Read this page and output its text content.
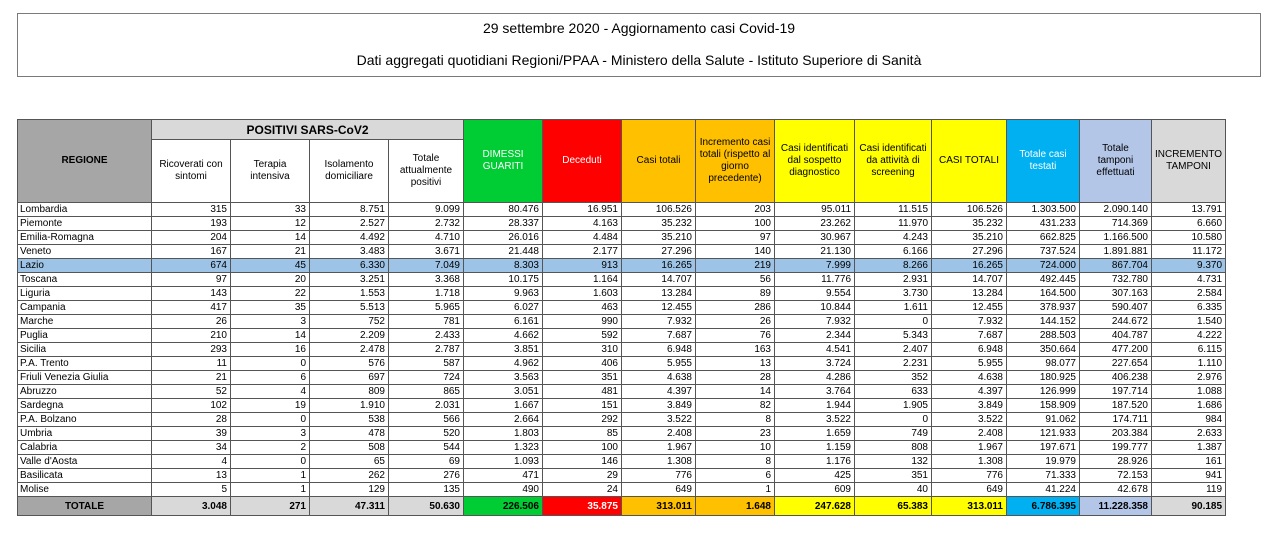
29 settembre 2020 - Aggiornamento casi Covid-19
Dati aggregati quotidiani Regioni/PPAA - Ministero della Salute - Istituto Superiore di Sanità
REGIONE	POSITIVI SARS-CoV2				DIMESSI GUARITI	Deceduti	Casi totali	Incremento casi totali (rispetto al giorno precedente)	Casi identificati dal sospetto diagnostico	Casi identificati da attività di screening	CASI TOTALI	Totale casi testati	Totale tamponi effettuati	INCREMENTO TAMPONI
	Ricoverati con sintomi	Terapia intensiva	Isolamento domiciliare	Totale attualmente positivi										
Lombardia	315	33	8.751	9.099	80.476	16.951	106.526	203	95.011	11.515	106.526	1.303.500	2.090.140	13.791
Piemonte	193	12	2.527	2.732	28.337	4.163	35.232	100	23.262	11.970	35.232	431.233	714.369	6.660
Emilia-Romagna	204	14	4.492	4.710	26.016	4.484	35.210	97	30.967	4.243	35.210	662.825	1.166.500	10.580
Veneto	167	21	3.483	3.671	21.448	2.177	27.296	140	21.130	6.166	27.296	737.524	1.891.881	11.172
Lazio	674	45	6.330	7.049	8.303	913	16.265	219	7.999	8.266	16.265	724.000	867.704	9.370
Toscana	97	20	3.251	3.368	10.175	1.164	14.707	56	11.776	2.931	14.707	492.445	732.780	4.731
Liguria	143	22	1.553	1.718	9.963	1.603	13.284	89	9.554	3.730	13.284	164.500	307.163	2.584
Campania	417	35	5.513	5.965	6.027	463	12.455	286	10.844	1.611	12.455	378.937	590.407	6.335
Marche	26	3	752	781	6.161	990	7.932	26	7.932	0	7.932	144.152	244.672	1.540
Puglia	210	14	2.209	2.433	4.662	592	7.687	76	2.344	5.343	7.687	288.503	404.787	4.222
Sicilia	293	16	2.478	2.787	3.851	310	6.948	163	4.541	2.407	6.948	350.664	477.200	6.115
P.A. Trento	11	0	576	587	4.962	406	5.955	13	3.724	2.231	5.955	98.077	227.654	1.110
Friuli Venezia Giulia	21	6	697	724	3.563	351	4.638	28	4.286	352	4.638	180.925	406.238	2.976
Abruzzo	52	4	809	865	3.051	481	4.397	14	3.764	633	4.397	126.999	197.714	1.088
Sardegna	102	19	1.910	2.031	1.667	151	3.849	82	1.944	1.905	3.849	158.909	187.520	1.686
P.A. Bolzano	28	0	538	566	2.664	292	3.522	8	3.522	0	3.522	91.062	174.711	984
Umbria	39	3	478	520	1.803	85	2.408	23	1.659	749	2.408	121.933	203.384	2.633
Calabria	34	2	508	544	1.323	100	1.967	10	1.159	808	1.967	197.671	199.777	1.387
Valle d'Aosta	4	0	65	69	1.093	146	1.308	8	1.176	132	1.308	19.979	28.926	161
Basilicata	13	1	262	276	471	29	776	6	425	351	776	71.333	72.153	941
Molise	5	1	129	135	490	24	649	1	609	40	649	41.224	42.678	119
TOTALE	3.048	271	47.311	50.630	226.506	35.875	313.011	1.648	247.628	65.383	313.011	6.786.395	11.228.358	90.185
